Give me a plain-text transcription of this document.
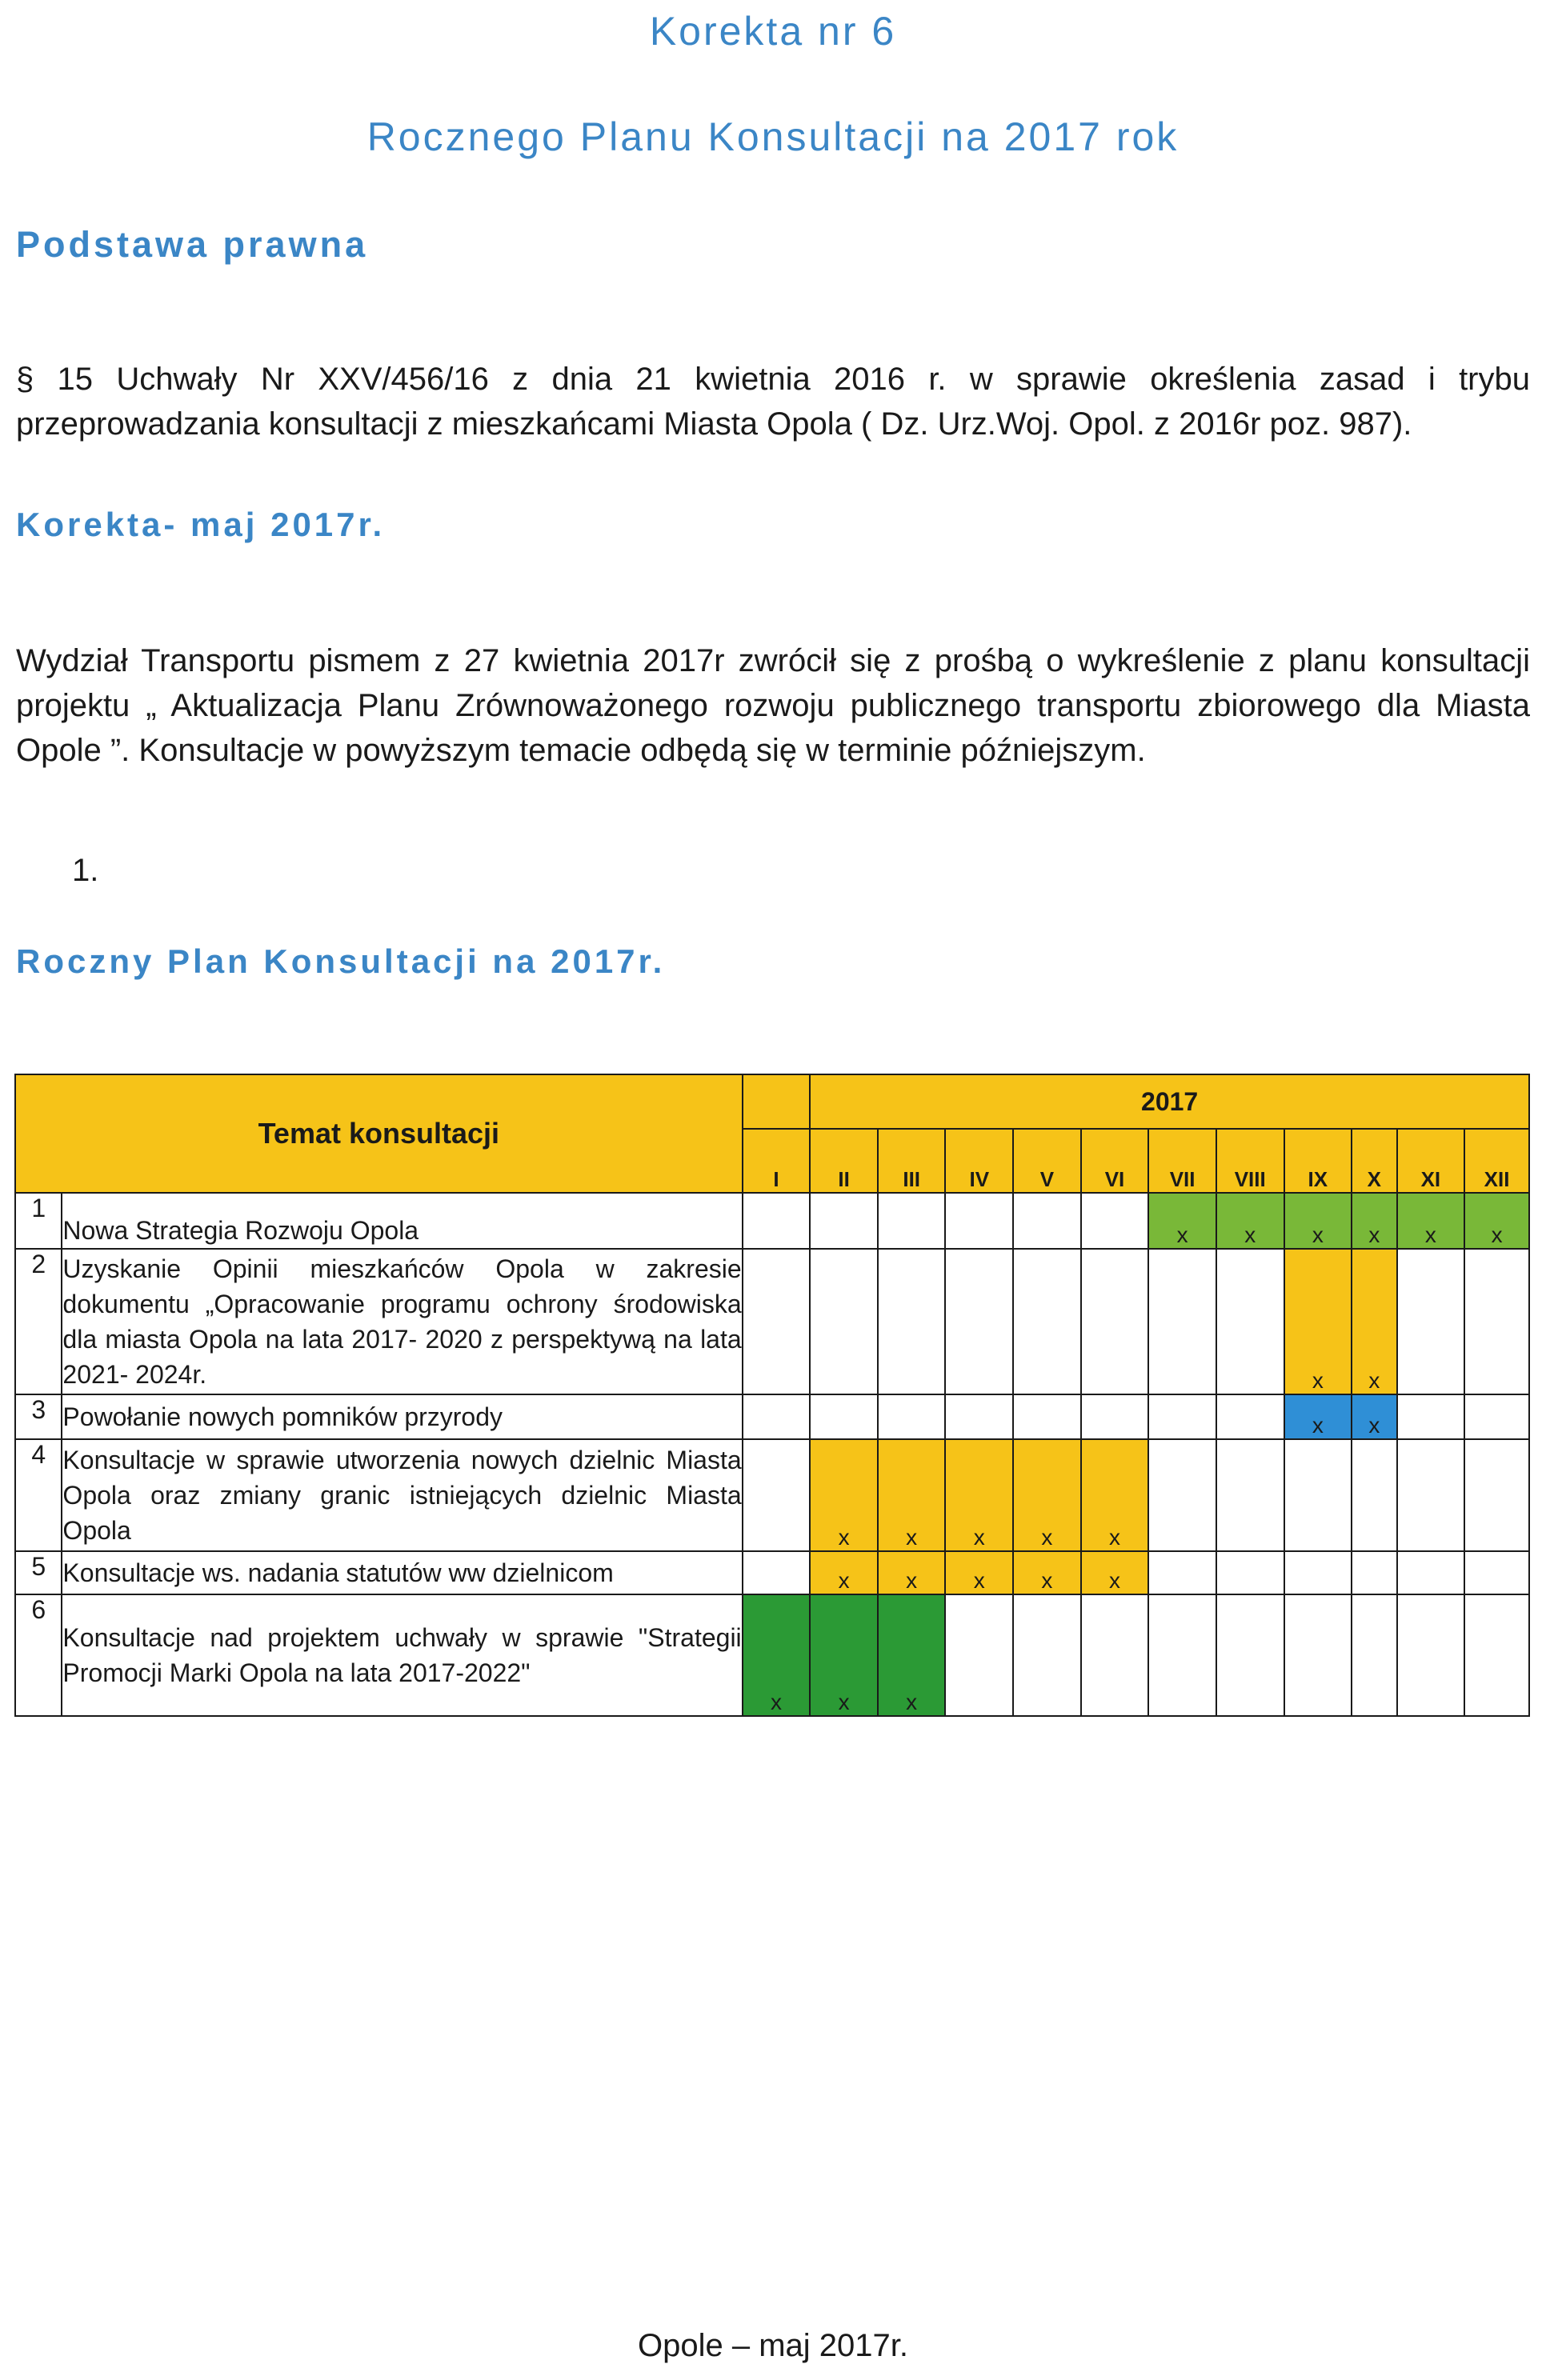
Korekta nr 6
Rocznego Planu Konsultacji na 2017 rok
Podstawa prawna
§ 15 Uchwały Nr XXV/456/16 z dnia 21 kwietnia 2016 r. w sprawie określenia zasad i trybu przeprowadzania konsultacji z mieszkańcami Miasta Opola ( Dz. Urz.Woj. Opol. z 2016r poz. 987).
Korekta- maj 2017r.
Wydział Transportu pismem z 27 kwietnia 2017r zwrócił się z prośbą o wykreślenie z planu konsultacji projektu „ Aktualizacja Planu Zrównoważonego rozwoju publicznego transportu zbiorowego dla Miasta Opole ”. Konsultacje w powyższym temacie odbędą się w terminie późniejszym.
1.
Roczny Plan Konsultacji na 2017r.
Temat konsultacji			2017										
		I	II	III	IV	V	VI	VII	VIII	IX	X	XI	XII
1	Nowa Strategia Rozwoju Opola							x	x	x	x	x	x
2	Uzyskanie Opinii mieszkańców Opola w zakresie dokumentu „Opracowanie programu ochrony środowiska dla miasta Opola na lata 2017- 2020 z perspektywą na lata 2021- 2024r.									x	x		
3	Powołanie nowych pomników przyrody									x	x		
4	Konsultacje w sprawie utworzenia nowych dzielnic Miasta Opola oraz zmiany granic istniejących dzielnic Miasta Opola		x	x	x	x	x						
5	Konsultacje ws. nadania statutów ww dzielnicom		x	x	x	x	x						
6	Konsultacje nad projektem uchwały w sprawie "Strategii Promocji Marki Opola na lata 2017-2022"	x	x	x									
Opole – maj 2017r.
